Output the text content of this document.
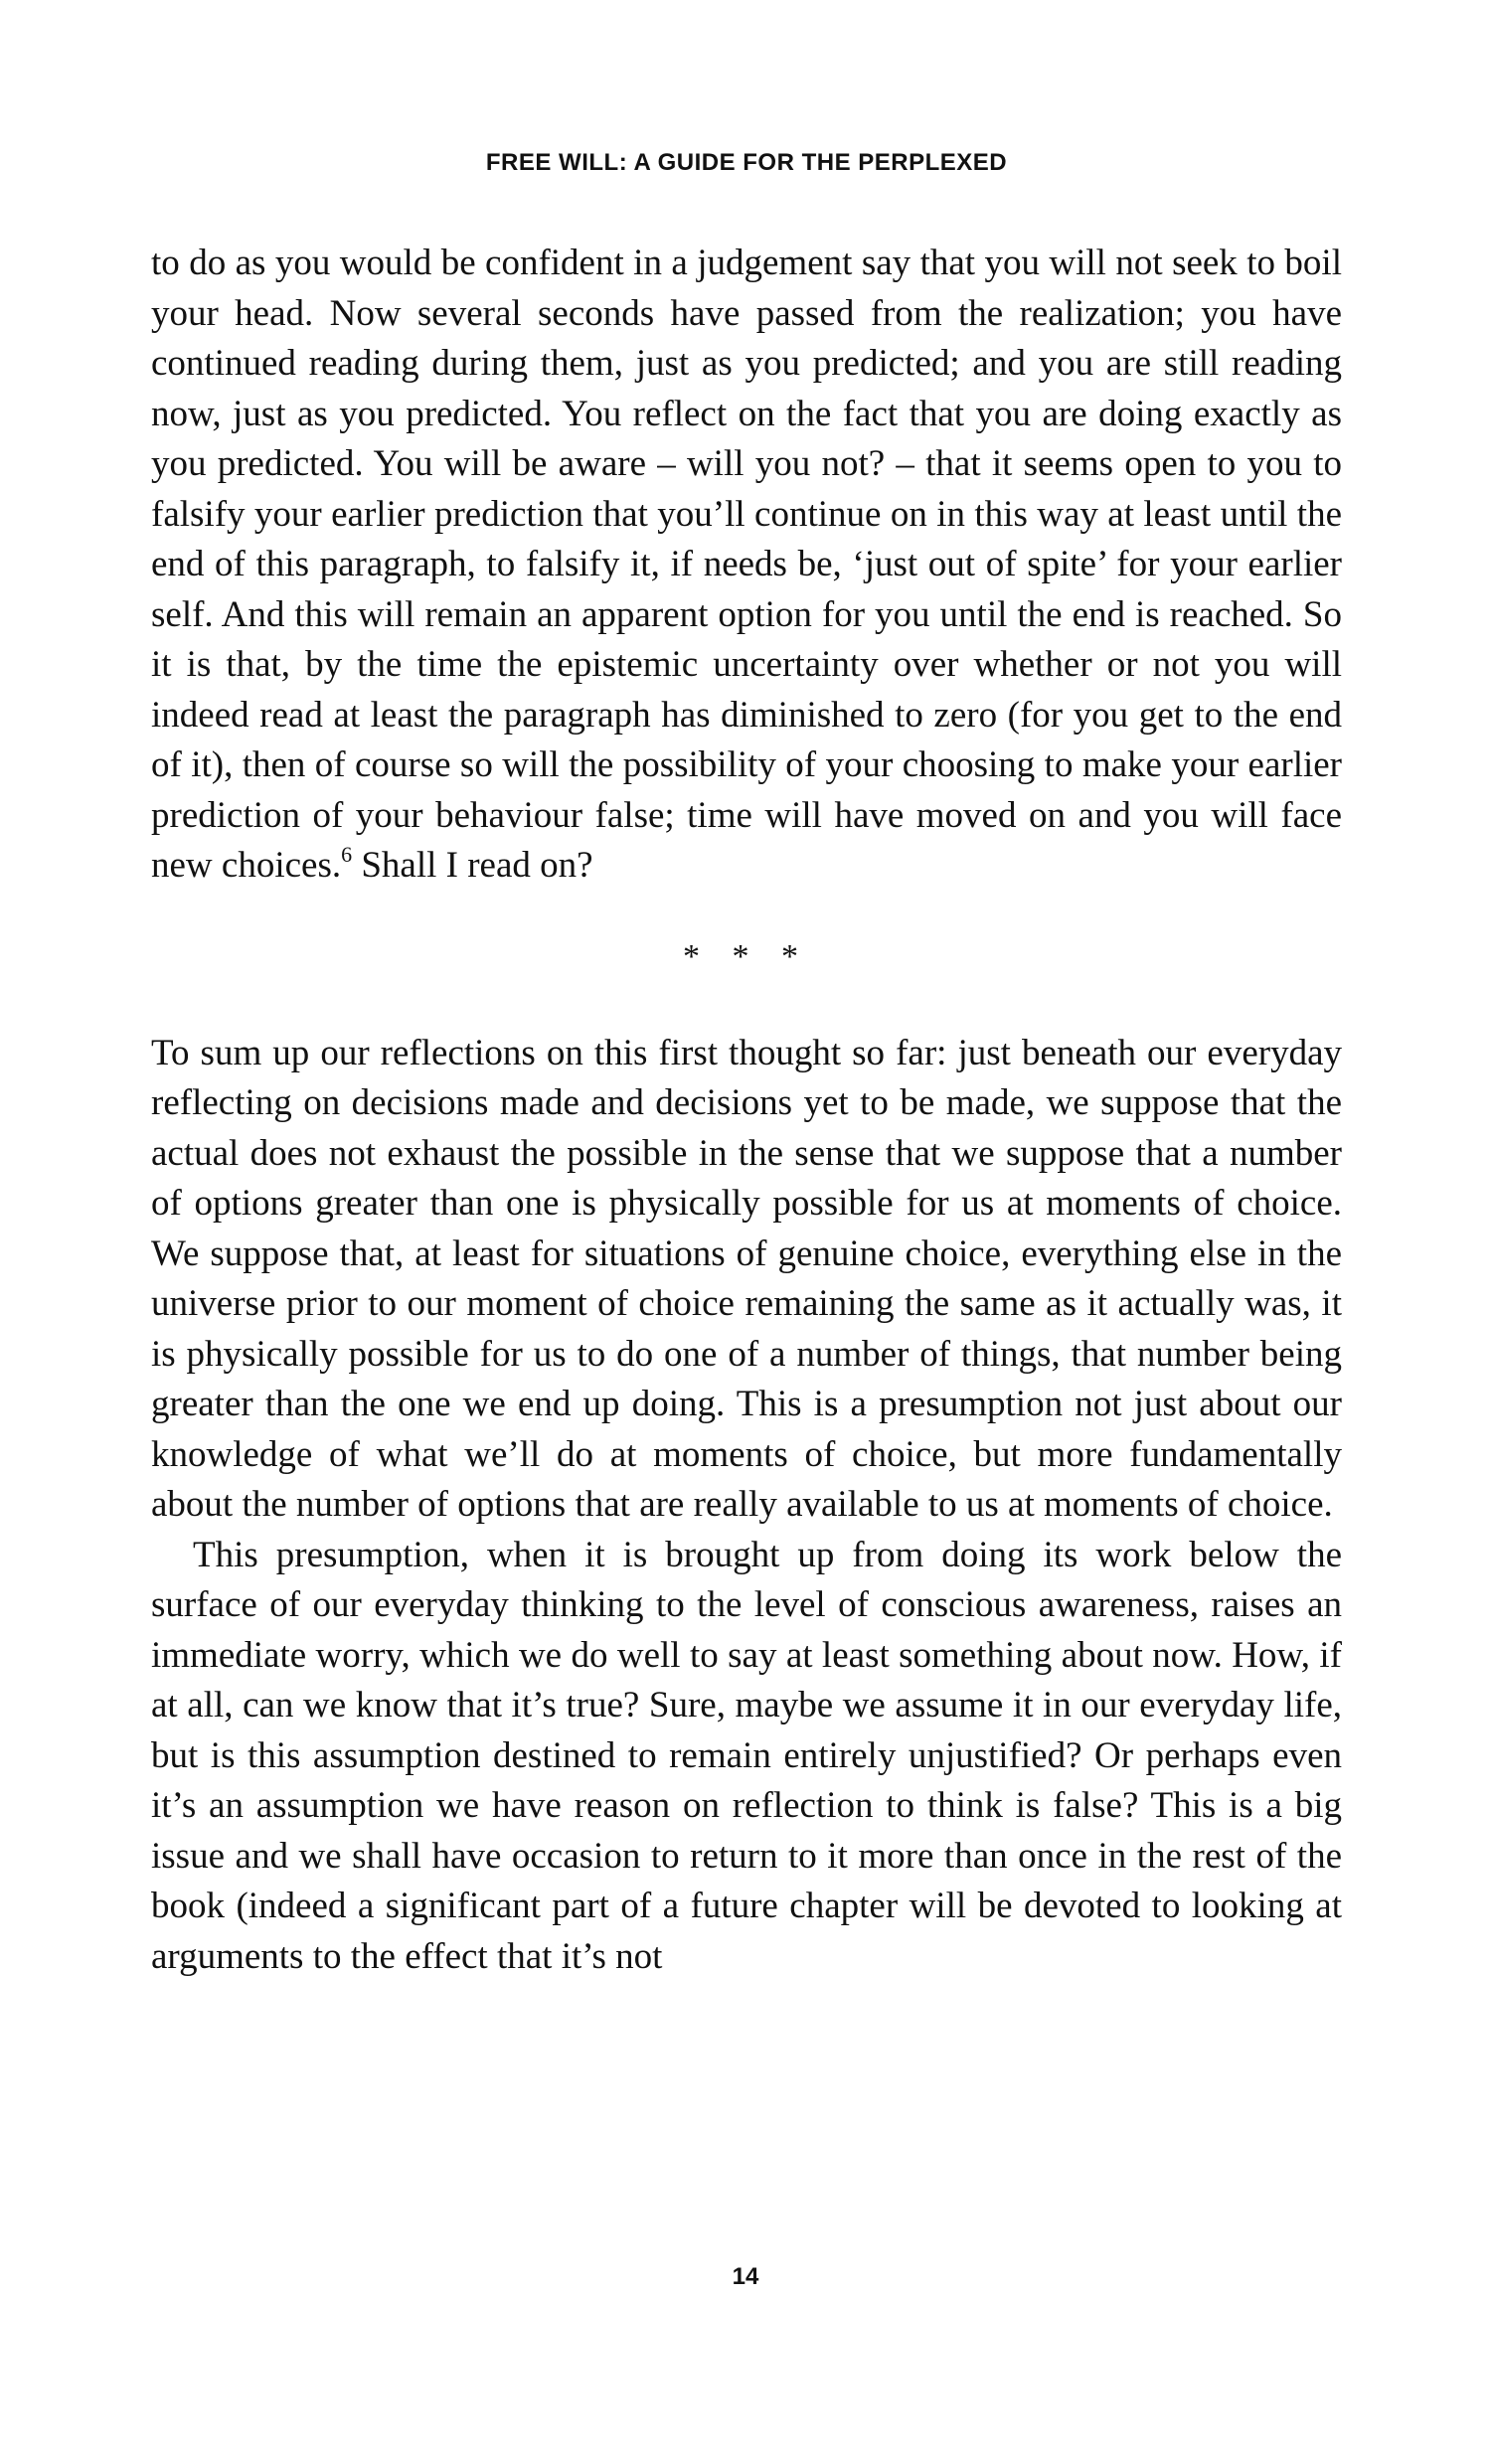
FREE WILL: A GUIDE FOR THE PERPLEXED

to do as you would be confident in a judgement say that you will not seek to boil your head. Now several seconds have passed from the realization; you have continued reading during them, just as you predicted; and you are still reading now, just as you predicted. You reflect on the fact that you are doing exactly as you predicted. You will be aware – will you not? – that it seems open to you to falsify your earlier prediction that you’ll continue on in this way at least until the end of this paragraph, to falsify it, if needs be, ‘just out of spite’ for your earlier self. And this will remain an apparent option for you until the end is reached. So it is that, by the time the epistemic uncertainty over whether or not you will indeed read at least the paragraph has diminished to zero (for you get to the end of it), then of course so will the possibility of your choosing to make your earlier prediction of your behaviour false; time will have moved on and you will face new choices.$^6$ Shall I read on?

* * *

To sum up our reflections on this first thought so far: just beneath our everyday reflecting on decisions made and decisions yet to be made, we suppose that the actual does not exhaust the possible in the sense that we suppose that a number of options greater than one is physically possible for us at moments of choice. We suppose that, at least for situations of genuine choice, everything else in the universe prior to our moment of choice remaining the same as it actually was, it is physically possible for us to do one of a number of things, that number being greater than the one we end up doing. This is a presumption not just about our knowledge of what we’ll do at moments of choice, but more fundamentally about the number of options that are really available to us at moments of choice.

This presumption, when it is brought up from doing its work below the surface of our everyday thinking to the level of conscious awareness, raises an immediate worry, which we do well to say at least something about now. How, if at all, can we know that it’s true? Sure, maybe we assume it in our everyday life, but is this assumption destined to remain entirely unjustified? Or perhaps even it’s an assumption we have reason on reflection to think is false? This is a big issue and we shall have occasion to return to it more than once in the rest of the book (indeed a significant part of a future chapter will be devoted to looking at arguments to the effect that it’s not

14
